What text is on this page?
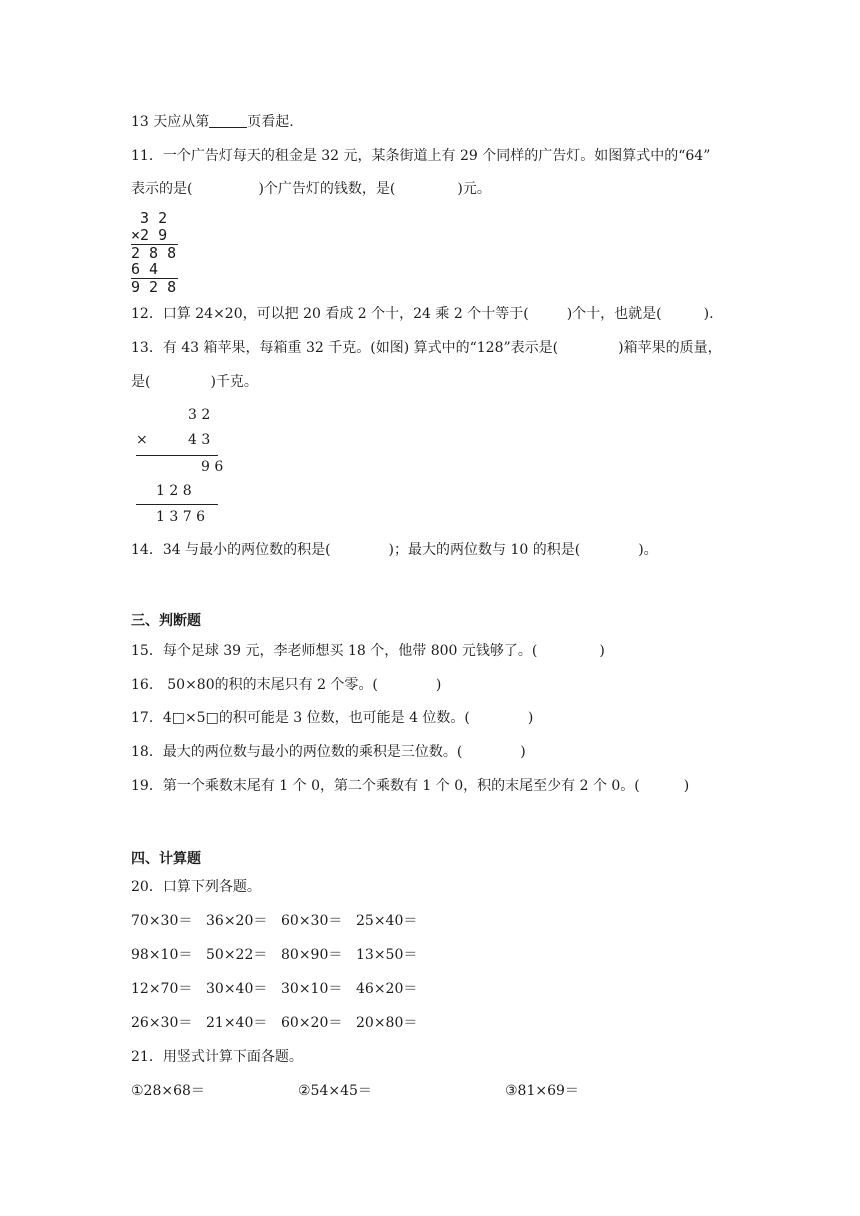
13 天应从第	页看起.
11．一个广告灯每天的租金是 32 元，某条街道上有 29 个同样的广告灯。如图算式中的“64”
表示的是(	)个广告灯的钱数，是(	)元。
3 2
×2 9
2 8 8
6 4
9 2 8
12．口算 24×20，可以把 20 看成 2 个十，24 乘 2 个十等于(	)个十，也就是(	).
13．有 43 箱苹果，每箱重 32 千克。(如图) 算式中的“128”表示是(	)箱苹果的质量，
是(	)千克。
3 2
×	4 3
9 6
1 2 8
1 3 7 6
14．34 与最小的两位数的积是(	)；最大的两位数与 10 的积是(	)。
三、判断题
15．每个足球 39 元，李老师想买 18 个，他带 800 元钱够了。(	)
16． 50×80的积的末尾只有 2 个零。(	)
17．4□×5□的积可能是 3 位数，也可能是 4 位数。(	)
18．最大的两位数与最小的两位数的乘积是三位数。(	)
19．第一个乘数末尾有 1 个 0，第二个乘数有 1 个 0，积的末尾至少有 2 个 0。(	)
四、计算题
20．口算下列各题。
70×30＝ 36×20＝ 60×30＝ 25×40＝
98×10＝ 50×22＝ 80×90＝ 13×50＝
12×70＝ 30×40＝ 30×10＝ 46×20＝
26×30＝ 21×40＝ 60×20＝ 20×80＝
21．用竖式计算下面各题。
①28×68＝	②54×45＝	③81×69＝
